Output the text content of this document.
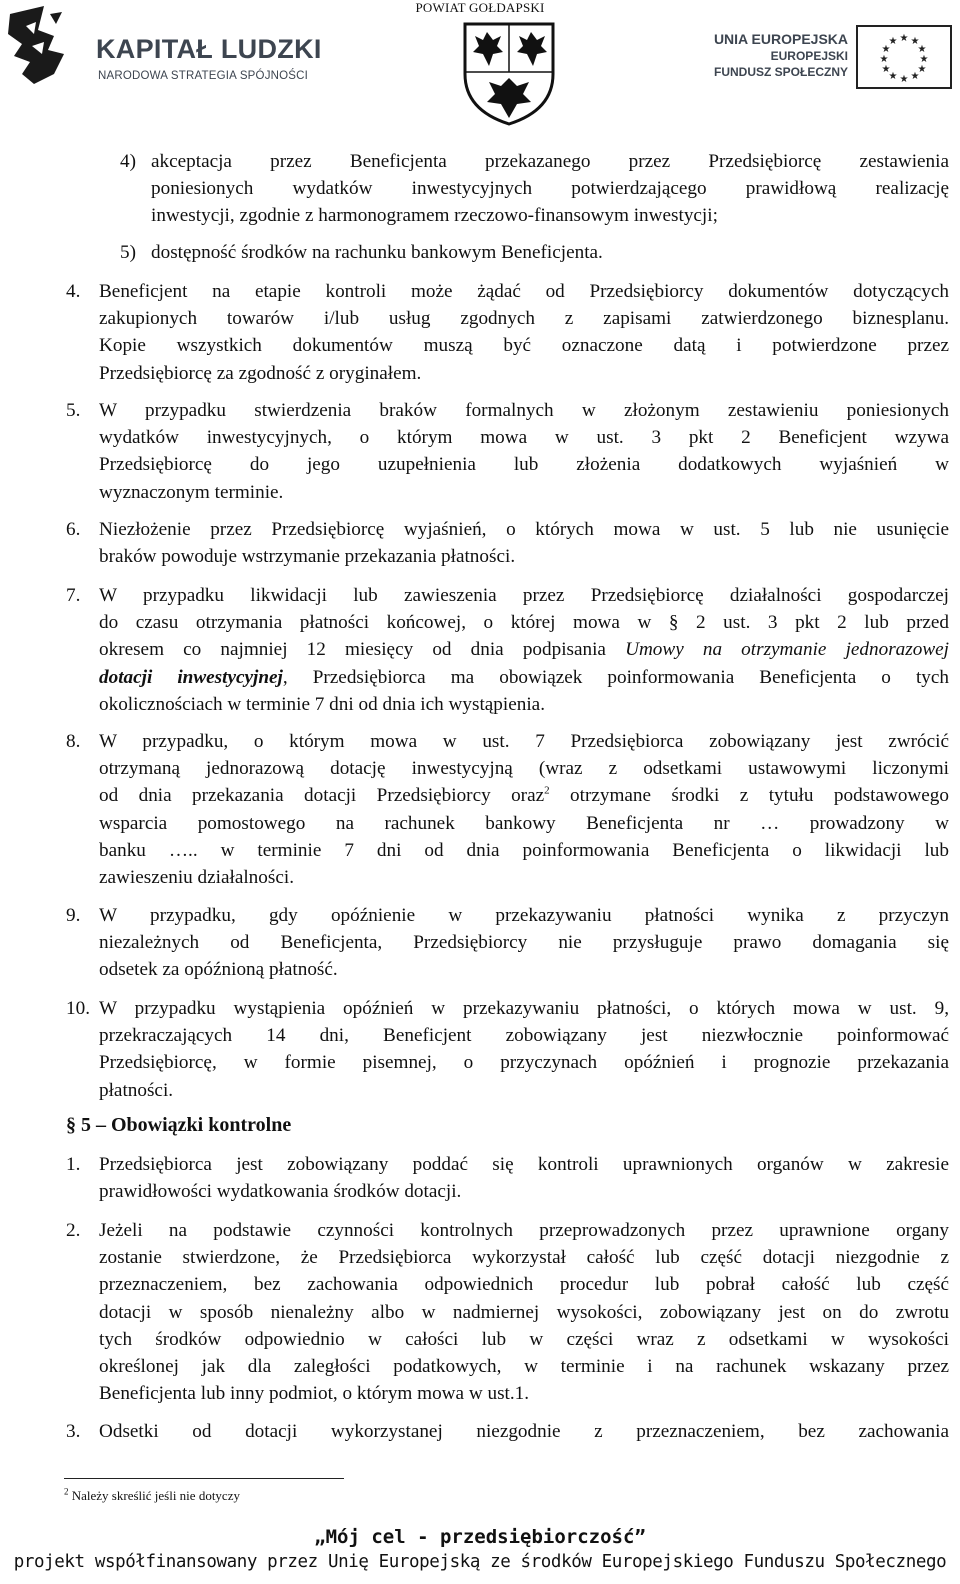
POWIAT GOŁDAPSKI
KAPITAŁ LUDZKI
NARODOWA STRATEGIA SPÓJNOŚCI
UNIA EUROPEJSKA
EUROPEJSKI
FUNDUSZ SPOŁECZNY
★ ★
★
★
★
★
★
★
★
★
★
★
4) akceptacja przez Beneficjenta przekazanego przez Przedsiębiorcę zestawienia
poniesionych wydatków inwestycyjnych potwierdzającego prawidłową realizację
inwestycji, zgodnie z harmonogramem rzeczowo-finansowym inwestycji;
5) dostępność środków na rachunku bankowym Beneficjenta.
4. Beneficjent na etapie kontroli może żądać od Przedsiębiorcy dokumentów dotyczących
zakupionych towarów i/lub usług zgodnych z zapisami zatwierdzonego biznesplanu.
Kopie wszystkich dokumentów muszą być oznaczone datą i potwierdzone przez
Przedsiębiorcę za zgodność z oryginałem.
5. W przypadku stwierdzenia braków formalnych w złożonym zestawieniu poniesionych
wydatków inwestycyjnych, o którym mowa w ust. 3 pkt 2 Beneficjent wzywa
Przedsiębiorcę do jego uzupełnienia lub złożenia dodatkowych wyjaśnień w
wyznaczonym terminie.
6. Niezłożenie przez Przedsiębiorcę wyjaśnień, o których mowa w ust. 5 lub nie usunięcie
braków powoduje wstrzymanie przekazania płatności.
7. W przypadku likwidacji lub zawieszenia przez Przedsiębiorcę działalności gospodarczej
do czasu otrzymania płatności końcowej, o której mowa w § 2 ust. 3 pkt 2 lub przed
okresem co najmniej 12 miesięcy od dnia podpisania Umowy na otrzymanie jednorazowej
dotacji inwestycyjnej, Przedsiębiorca ma obowiązek poinformowania Beneficjenta o tych
okolicznościach w terminie 7 dni od dnia ich wystąpienia.
8. W przypadku, o którym mowa w ust. 7 Przedsiębiorca zobowiązany jest zwrócić
otrzymaną jednorazową dotację inwestycyjną (wraz z odsetkami ustawowymi liczonymi
od dnia przekazania dotacji Przedsiębiorcy oraz$^2$ otrzymane środki z tytułu podstawowego
wsparcia pomostowego na rachunek bankowy Beneficjenta nr … prowadzony w
banku ….. w terminie 7 dni od dnia poinformowania Beneficjenta o likwidacji lub
zawieszeniu działalności.
9. W przypadku, gdy opóźnienie w przekazywaniu płatności wynika z przyczyn
niezależnych od Beneficjenta, Przedsiębiorcy nie przysługuje prawo domagania się
odsetek za opóźnioną płatność.
10. W przypadku wystąpienia opóźnień w przekazywaniu płatności, o których mowa w ust. 9,
przekraczających 14 dni, Beneficjent zobowiązany jest niezwłocznie poinformować
Przedsiębiorcę, w formie pisemnej, o przyczynach opóźnień i prognozie przekazania
płatności.
§ 5 – Obowiązki kontrolne
1. Przedsiębiorca jest zobowiązany poddać się kontroli uprawnionych organów w zakresie
prawidłowości wydatkowania środków dotacji.
2. Jeżeli na podstawie czynności kontrolnych przeprowadzonych przez uprawnione organy
zostanie stwierdzone, że Przedsiębiorca wykorzystał całość lub część dotacji niezgodnie z
przeznaczeniem, bez zachowania odpowiednich procedur lub pobrał całość lub część
dotacji w sposób nienależny albo w nadmiernej wysokości, zobowiązany jest on do zwrotu
tych środków odpowiednio w całości lub w części wraz z odsetkami w wysokości
określonej jak dla zaległości podatkowych, w terminie i na rachunek wskazany przez
Beneficjenta lub inny podmiot, o którym mowa w ust.1.
3. Odsetki od dotacji wykorzystanej niezgodnie z przeznaczeniem, bez zachowania
$^2$ Należy skreślić jeśli nie dotyczy
„Mój cel - przedsiębiorczość”
projekt współfinansowany przez Unię Europejską ze środków Europejskiego Funduszu Społecznego
